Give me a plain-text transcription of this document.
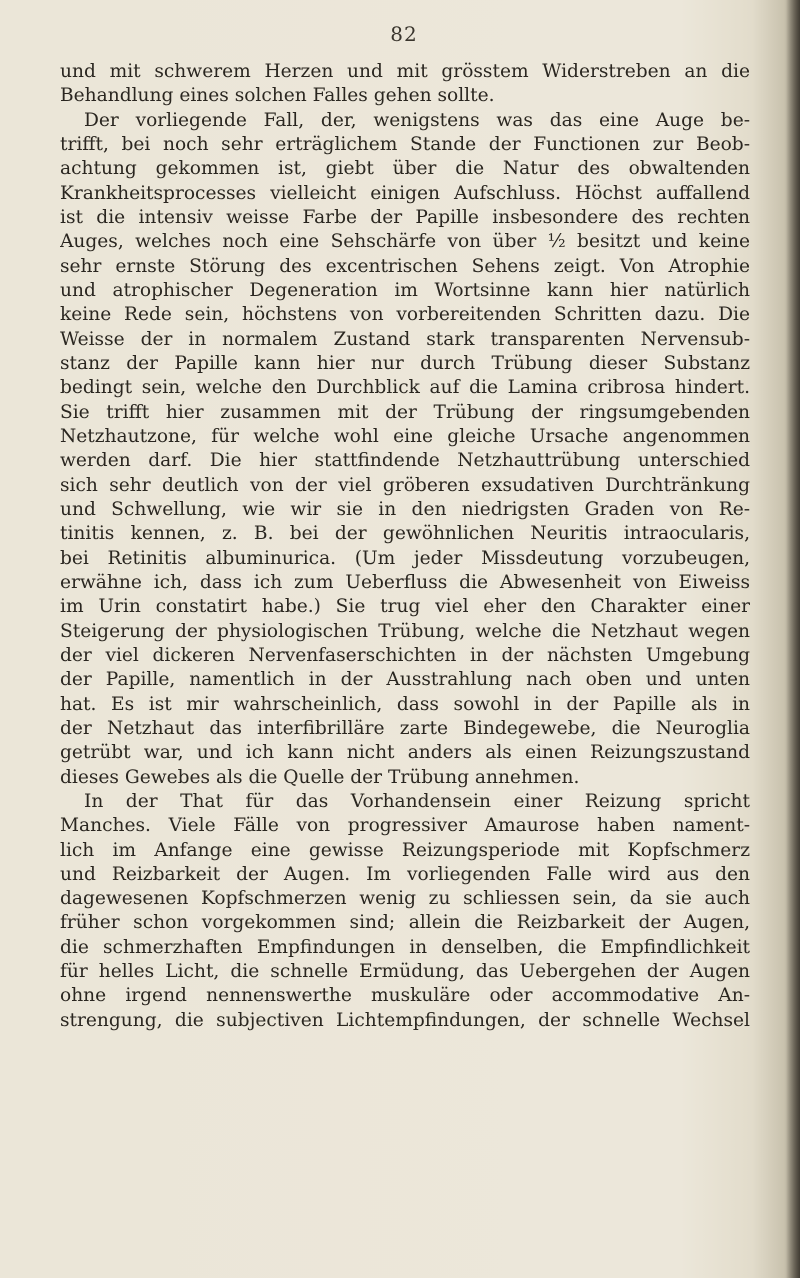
82
und mit schwerem Herzen und mit grösstem Widerstreben an die
Behandlung eines solchen Falles gehen sollte.
Der vorliegende Fall, der, wenigstens was das eine Auge be-
trifft, bei noch sehr erträglichem Stande der Functionen zur Beob-
achtung gekommen ist, giebt über die Natur des obwaltenden
Krankheitsprocesses vielleicht einigen Aufschluss. Höchst auffallend
ist die intensiv weisse Farbe der Papille insbesondere des rechten
Auges, welches noch eine Sehschärfe von über ½ besitzt und keine
sehr ernste Störung des excentrischen Sehens zeigt. Von Atrophie
und atrophischer Degeneration im Wortsinne kann hier natürlich
keine Rede sein, höchstens von vorbereitenden Schritten dazu. Die
Weisse der in normalem Zustand stark transparenten Nervensub-
stanz der Papille kann hier nur durch Trübung dieser Substanz
bedingt sein, welche den Durchblick auf die Lamina cribrosa hindert.
Sie trifft hier zusammen mit der Trübung der ringsumgebenden
Netzhautzone, für welche wohl eine gleiche Ursache angenommen
werden darf. Die hier stattfindende Netzhauttrübung unterschied
sich sehr deutlich von der viel gröberen exsudativen Durchtränkung
und Schwellung, wie wir sie in den niedrigsten Graden von Re-
tinitis kennen, z. B. bei der gewöhnlichen Neuritis intraocularis,
bei Retinitis albuminurica. (Um jeder Missdeutung vorzubeugen,
erwähne ich, dass ich zum Ueberfluss die Abwesenheit von Eiweiss
im Urin constatirt habe.) Sie trug viel eher den Charakter einer
Steigerung der physiologischen Trübung, welche die Netzhaut wegen
der viel dickeren Nervenfaserschichten in der nächsten Umgebung
der Papille, namentlich in der Ausstrahlung nach oben und unten
hat. Es ist mir wahrscheinlich, dass sowohl in der Papille als in
der Netzhaut das interfibrilläre zarte Bindegewebe, die Neuroglia
getrübt war, und ich kann nicht anders als einen Reizungszustand
dieses Gewebes als die Quelle der Trübung annehmen.
In der That für das Vorhandensein einer Reizung spricht
Manches. Viele Fälle von progressiver Amaurose haben nament-
lich im Anfange eine gewisse Reizungsperiode mit Kopfschmerz
und Reizbarkeit der Augen. Im vorliegenden Falle wird aus den
dagewesenen Kopfschmerzen wenig zu schliessen sein, da sie auch
früher schon vorgekommen sind; allein die Reizbarkeit der Augen,
die schmerzhaften Empfindungen in denselben, die Empfindlichkeit
für helles Licht, die schnelle Ermüdung, das Uebergehen der Augen
ohne irgend nennenswerthe muskuläre oder accommodative An-
strengung, die subjectiven Lichtempfindungen, der schnelle Wechsel
